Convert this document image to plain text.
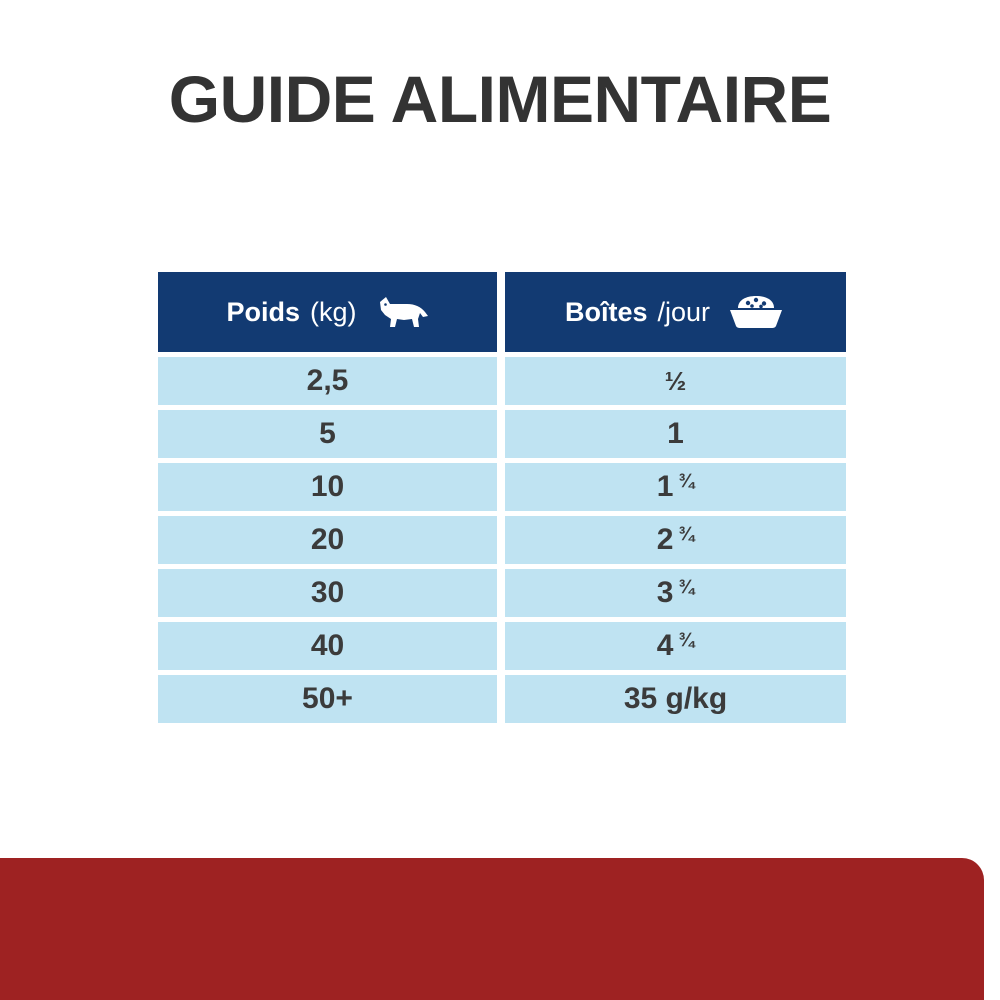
GUIDE ALIMENTAIRE
Poids (kg)	Boîtes /jour
2,5	½
5	1
10	1 ¾
20	2 ¾
30	3 ¾
40	4 ¾
50+	35 g/kg
